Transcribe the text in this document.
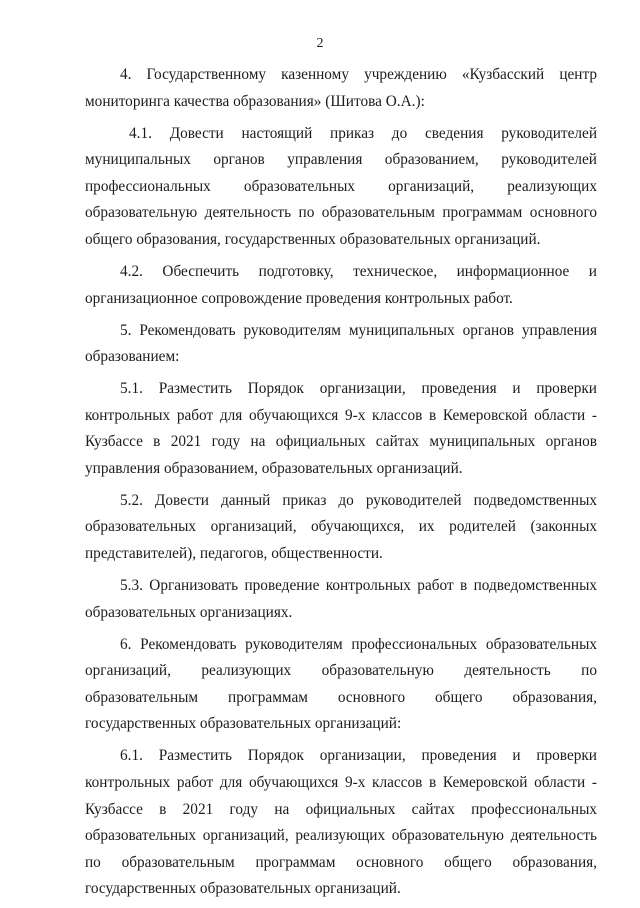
2

4. Государственному казенному учреждению «Кузбасский центр мониторинга качества образования» (Шитова О.А.):

4.1. Довести настоящий приказ до сведения руководителей муниципальных органов управления образованием, руководителей профессиональных образовательных организаций, реализующих образовательную деятельность по образовательным программам основного общего образования, государственных образовательных организаций.

4.2. Обеспечить подготовку, техническое, информационное и организационное сопровождение проведения контрольных работ.

5. Рекомендовать руководителям муниципальных органов управления образованием:

5.1. Разместить Порядок организации, проведения и проверки контрольных работ для обучающихся 9-х классов в Кемеровской области - Кузбассе в 2021 году на официальных сайтах муниципальных органов управления образованием, образовательных организаций.

5.2. Довести данный приказ до руководителей подведомственных образовательных организаций, обучающихся, их родителей (законных представителей), педагогов, общественности.

5.3. Организовать проведение контрольных работ в подведомственных образовательных организациях.

6. Рекомендовать руководителям профессиональных образовательных организаций, реализующих образовательную деятельность по образовательным программам основного общего образования, государственных образовательных организаций:

6.1. Разместить Порядок организации, проведения и проверки контрольных работ для обучающихся 9-х классов в Кемеровской области - Кузбассе в 2021 году на официальных сайтах профессиональных образовательных организаций, реализующих образовательную деятельность по образовательным программам основного общего образования, государственных образовательных организаций.
